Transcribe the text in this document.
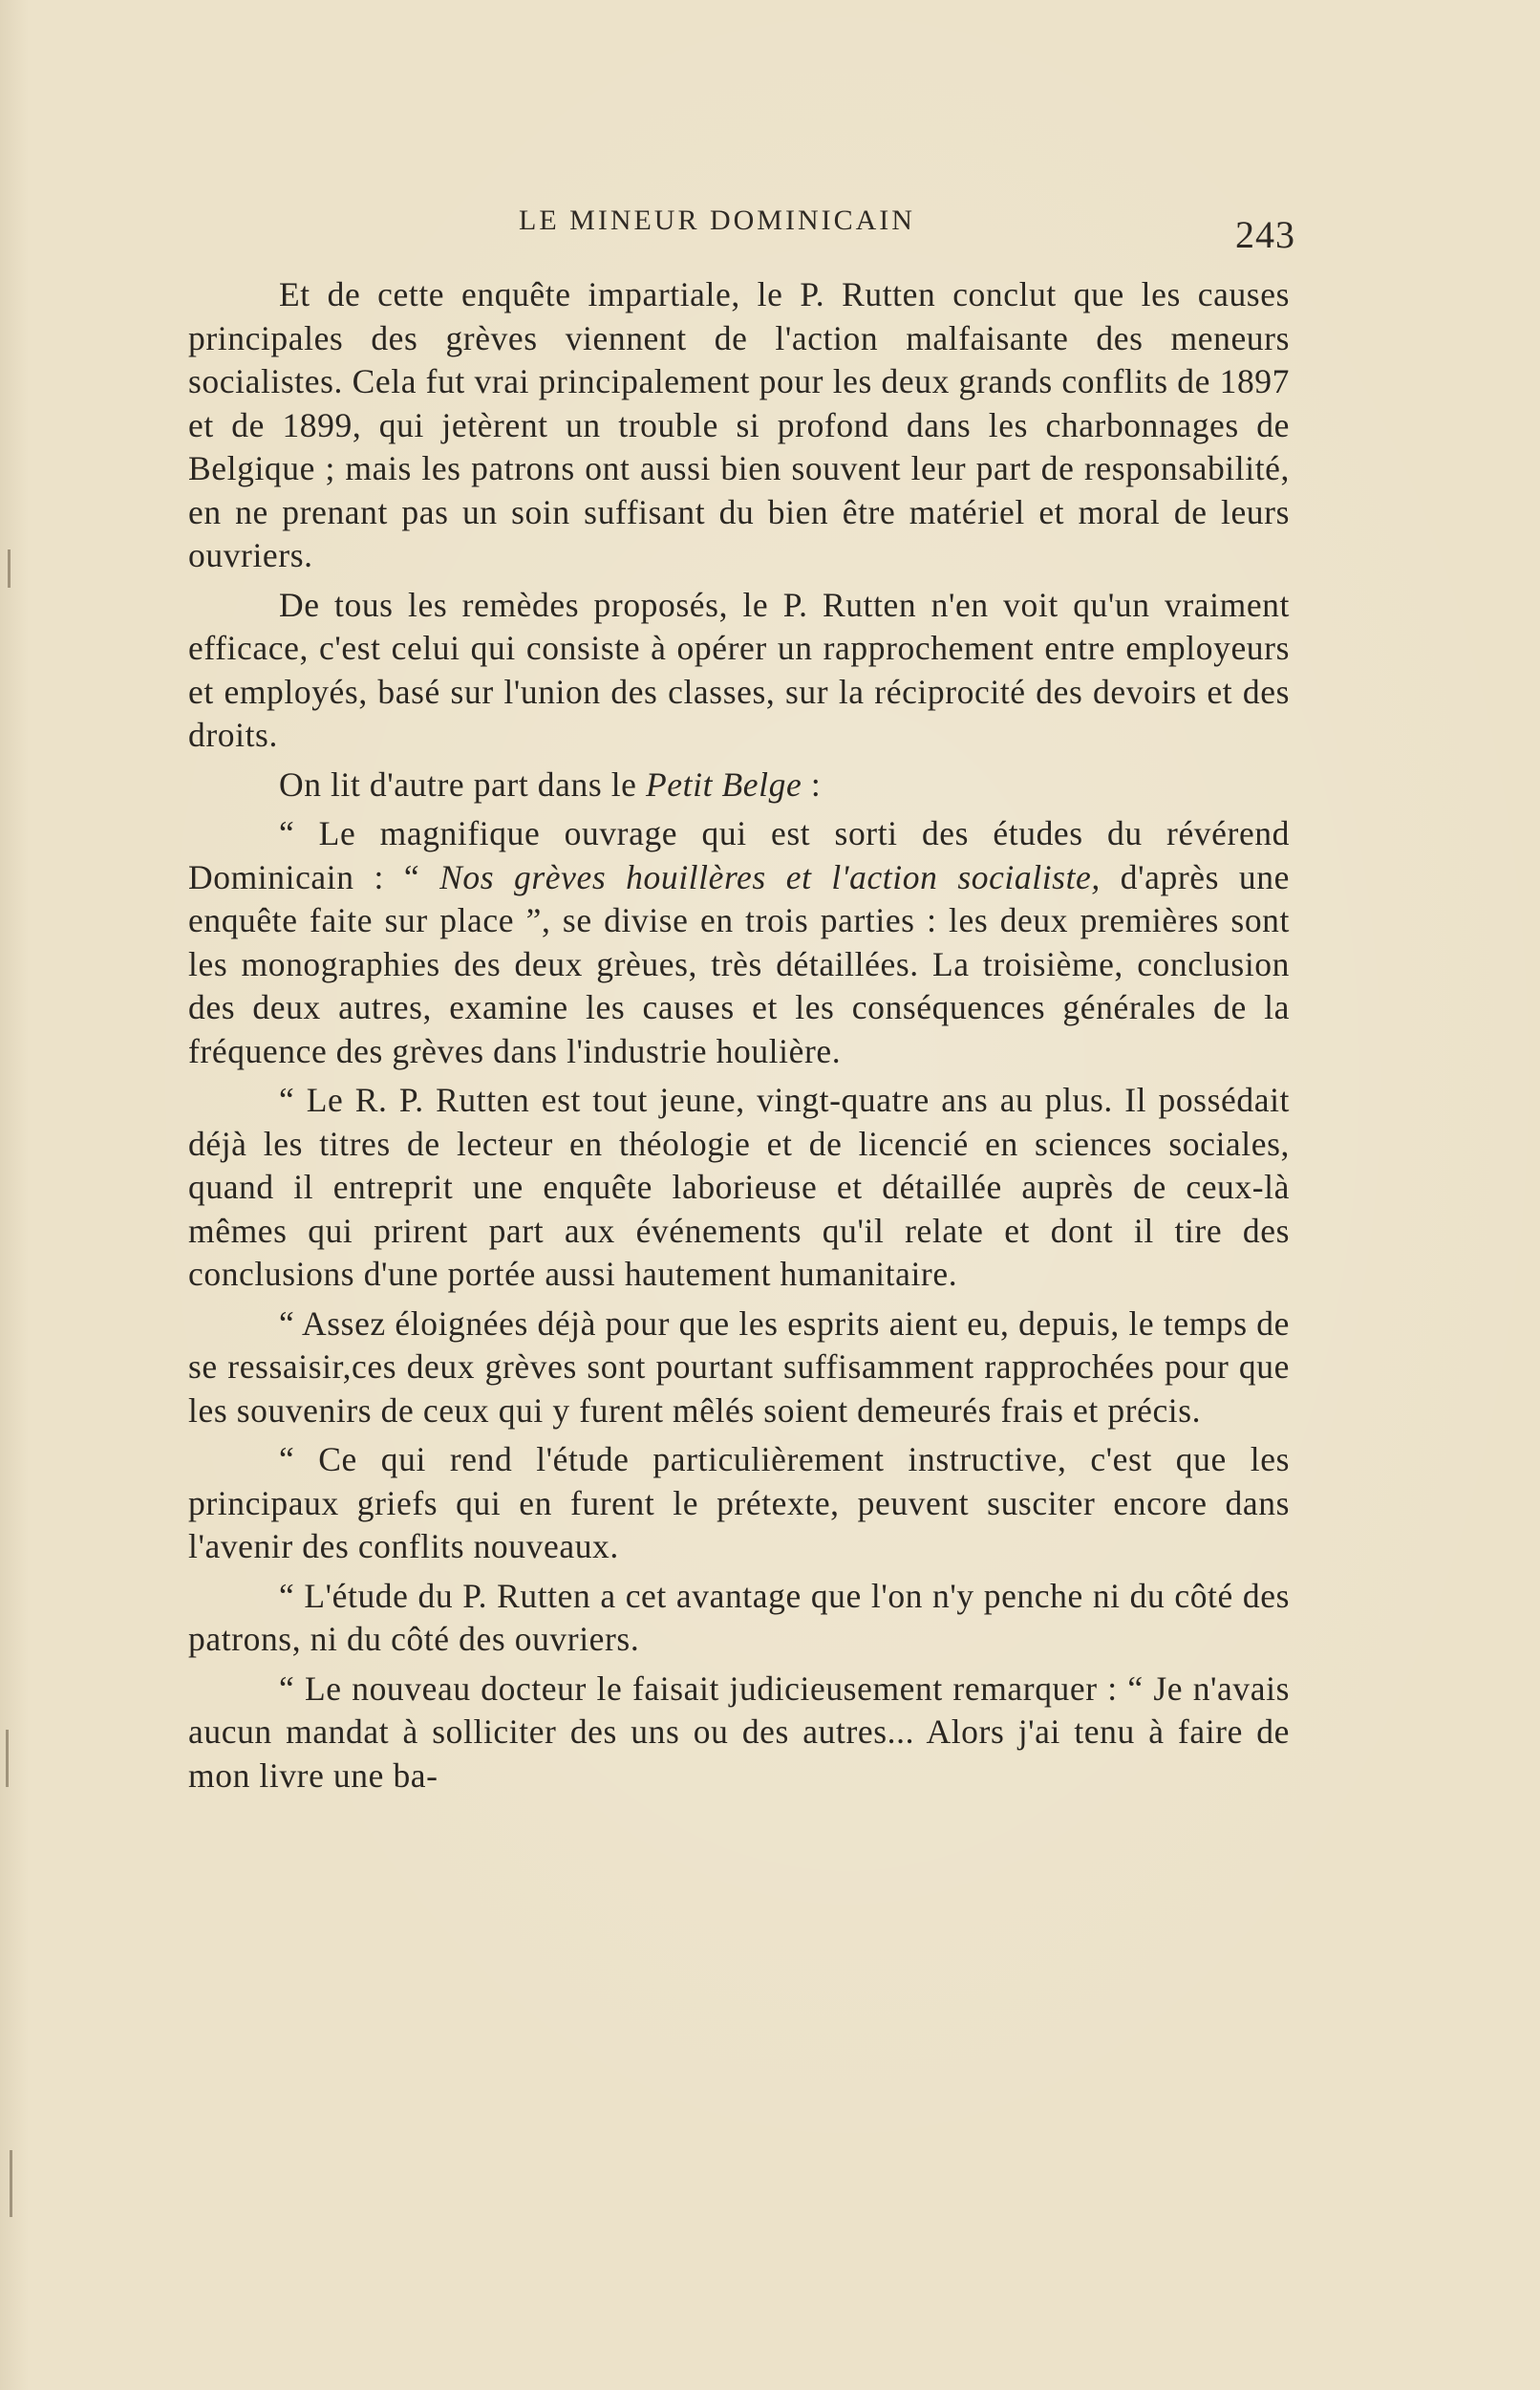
LE MINEUR DOMINICAIN	243

Et de cette enquête impartiale, le P. Rutten conclut que les causes principales des grèves viennent de l'action malfaisante des meneurs socialistes. Cela fut vrai principalement pour les deux grands conflits de 1897 et de 1899, qui jetèrent un trouble si profond dans les charbonnages de Belgique ; mais les patrons ont aussi bien souvent leur part de responsabilité, en ne prenant pas un soin suffisant du bien être matériel et moral de leurs ouvriers.

De tous les remèdes proposés, le P. Rutten n'en voit qu'un vraiment efficace, c'est celui qui consiste à opérer un rapprochement entre employeurs et employés, basé sur l'union des classes, sur la réciprocité des devoirs et des droits.

On lit d'autre part dans le Petit Belge :

“ Le magnifique ouvrage qui est sorti des études du révérend Dominicain : “ Nos grèves houillères et l'action socialiste, d'après une enquête faite sur place ”, se divise en trois parties : les deux premières sont les monographies des deux grèues, très détaillées. La troisième, conclusion des deux autres, examine les causes et les conséquences générales de la fréquence des grèves dans l'industrie houlière.

“ Le R. P. Rutten est tout jeune, vingt-quatre ans au plus. Il possédait déjà les titres de lecteur en théologie et de licencié en sciences sociales, quand il entreprit une enquête laborieuse et détaillée auprès de ceux-là mêmes qui prirent part aux événements qu'il relate et dont il tire des conclusions d'une portée aussi hautement humanitaire.

“ Assez éloignées déjà pour que les esprits aient eu, depuis, le temps de se ressaisir,ces deux grèves sont pourtant suffisamment rapprochées pour que les souvenirs de ceux qui y furent mêlés soient demeurés frais et précis.

“ Ce qui rend l'étude particulièrement instructive, c'est que les principaux griefs qui en furent le prétexte, peuvent susciter encore dans l'avenir des conflits nouveaux.

“ L'étude du P. Rutten a cet avantage que l'on n'y penche ni du côté des patrons, ni du côté des ouvriers.

“ Le nouveau docteur le faisait judicieusement remarquer : “ Je n'avais aucun mandat à solliciter des uns ou des autres... Alors j'ai tenu à faire de mon livre une ba-
